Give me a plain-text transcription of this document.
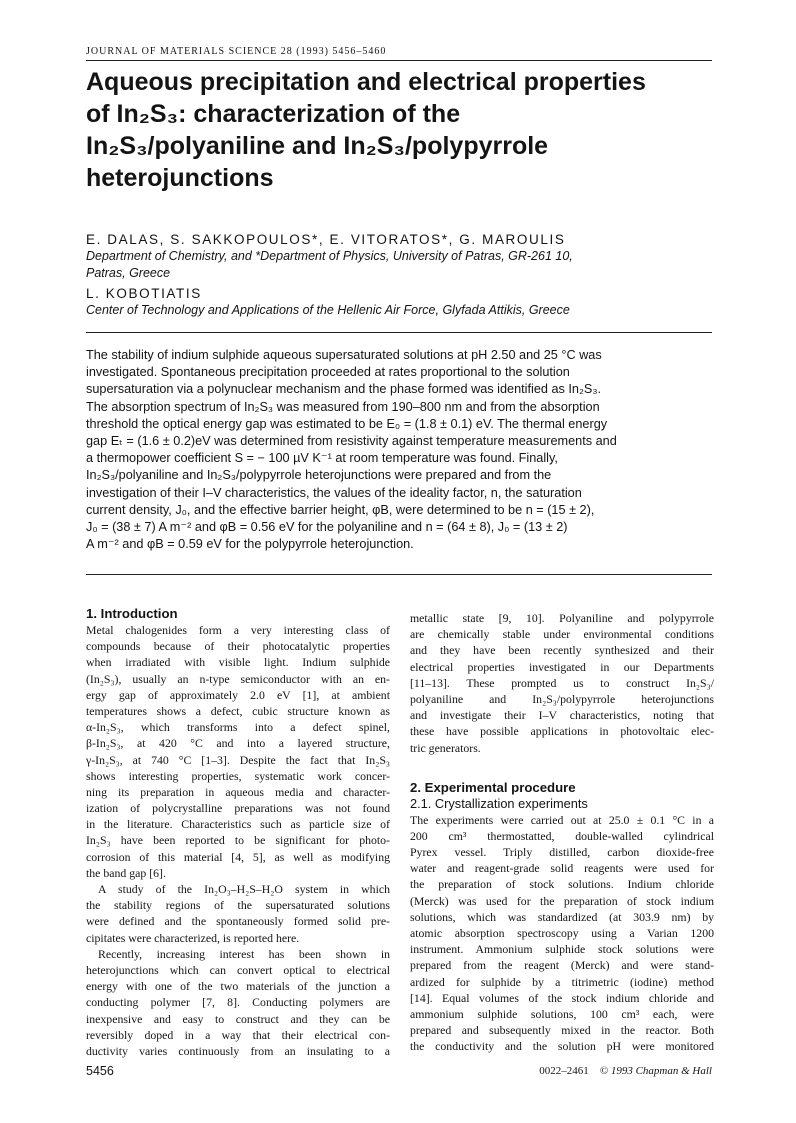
JOURNAL OF MATERIALS SCIENCE 28 (1993) 5456–5460
Aqueous precipitation and electrical properties
of In₂S₃: characterization of the
In₂S₃/polyaniline and In₂S₃/polypyrrole
heterojunctions
E. DALAS, S. SAKKOPOULOS*, E. VITORATOS*, G. MAROULIS
Department of Chemistry, and *Department of Physics, University of Patras, GR-261 10,
Patras, Greece
L. KOBOTIATIS
Center of Technology and Applications of the Hellenic Air Force, Glyfada Attikis, Greece
The stability of indium sulphide aqueous supersaturated solutions at pH 2.50 and 25 °C was
investigated. Spontaneous precipitation proceeded at rates proportional to the solution
supersaturation via a polynuclear mechanism and the phase formed was identified as In₂S₃.
The absorption spectrum of In₂S₃ was measured from 190–800 nm and from the absorption
threshold the optical energy gap was estimated to be E₀ = (1.8 ± 0.1) eV. The thermal energy
gap Eₜ = (1.6 ± 0.2)eV was determined from resistivity against temperature measurements and
a thermopower coefficient S = − 100 µV K⁻¹ at room temperature was found. Finally,
In₂S₃/polyaniline and In₂S₃/polypyrrole heterojunctions were prepared and from the
investigation of their I–V characteristics, the values of the ideality factor, n, the saturation
current density, J₀, and the effective barrier height, φB, were determined to be n = (15 ± 2),
J₀ = (38 ± 7) A m⁻² and φB = 0.56 eV for the polyaniline and n = (64 ± 8), J₀ = (13 ± 2)
A m⁻² and φB = 0.59 eV for the polypyrrole heterojunction.
1. Introduction
Metal chalogenides form a very interesting class of
compounds because of their photocatalytic properties
when irradiated with visible light. Indium sulphide
(In₂S₃), usually an n-type semiconductor with an en-
ergy gap of approximately 2.0 eV [1], at ambient
temperatures shows a defect, cubic structure known as
α-In₂S₃, which transforms into a defect spinel,
β-In₂S₃, at 420 °C and into a layered structure,
γ-In₂S₃, at 740 °C [1–3]. Despite the fact that In₂S₃
shows interesting properties, systematic work concer-
ning its preparation in aqueous media and character-
ization of polycrystalline preparations was not found
in the literature. Characteristics such as particle size of
In₂S₃ have been reported to be significant for photo-
corrosion of this material [4, 5], as well as modifying
the band gap [6].
A study of the In₂O₃–H₂S–H₂O system in which
the stability regions of the supersaturated solutions
were defined and the spontaneously formed solid pre-
cipitates were characterized, is reported here.
Recently, increasing interest has been shown in
heterojunctions which can convert optical to electrical
energy with one of the two materials of the junction a
conducting polymer [7, 8]. Conducting polymers are
inexpensive and easy to construct and they can be
reversibly doped in a way that their electrical con-
ductivity varies continuously from an insulating to a
metallic state [9, 10]. Polyaniline and polypyrrole
are chemically stable under environmental conditions
and they have been recently synthesized and their
electrical properties investigated in our Departments
[11–13]. These prompted us to construct In₂S₃/
polyaniline and In₂S₃/polypyrrole heterojunctions
and investigate their I–V characteristics, noting that
these have possible applications in photovoltaic elec-
tric generators.
2. Experimental procedure
2.1. Crystallization experiments
The experiments were carried out at 25.0 ± 0.1 °C in a
200 cm³ thermostatted, double-walled cylindrical
Pyrex vessel. Triply distilled, carbon dioxide-free
water and reagent-grade solid reagents were used for
the preparation of stock solutions. Indium chloride
(Merck) was used for the preparation of stock indium
solutions, which was standardized (at 303.9 nm) by
atomic absorption spectroscopy using a Varian 1200
instrument. Ammonium sulphide stock solutions were
prepared from the reagent (Merck) and were stand-
ardized for sulphide by a titrimetric (iodine) method
[14]. Equal volumes of the stock indium chloride and
ammonium sulphide solutions, 100 cm³ each, were
prepared and subsequently mixed in the reactor. Both
the conductivity and the solution pH were monitored
5456	0022–2461 © 1993 Chapman & Hall
